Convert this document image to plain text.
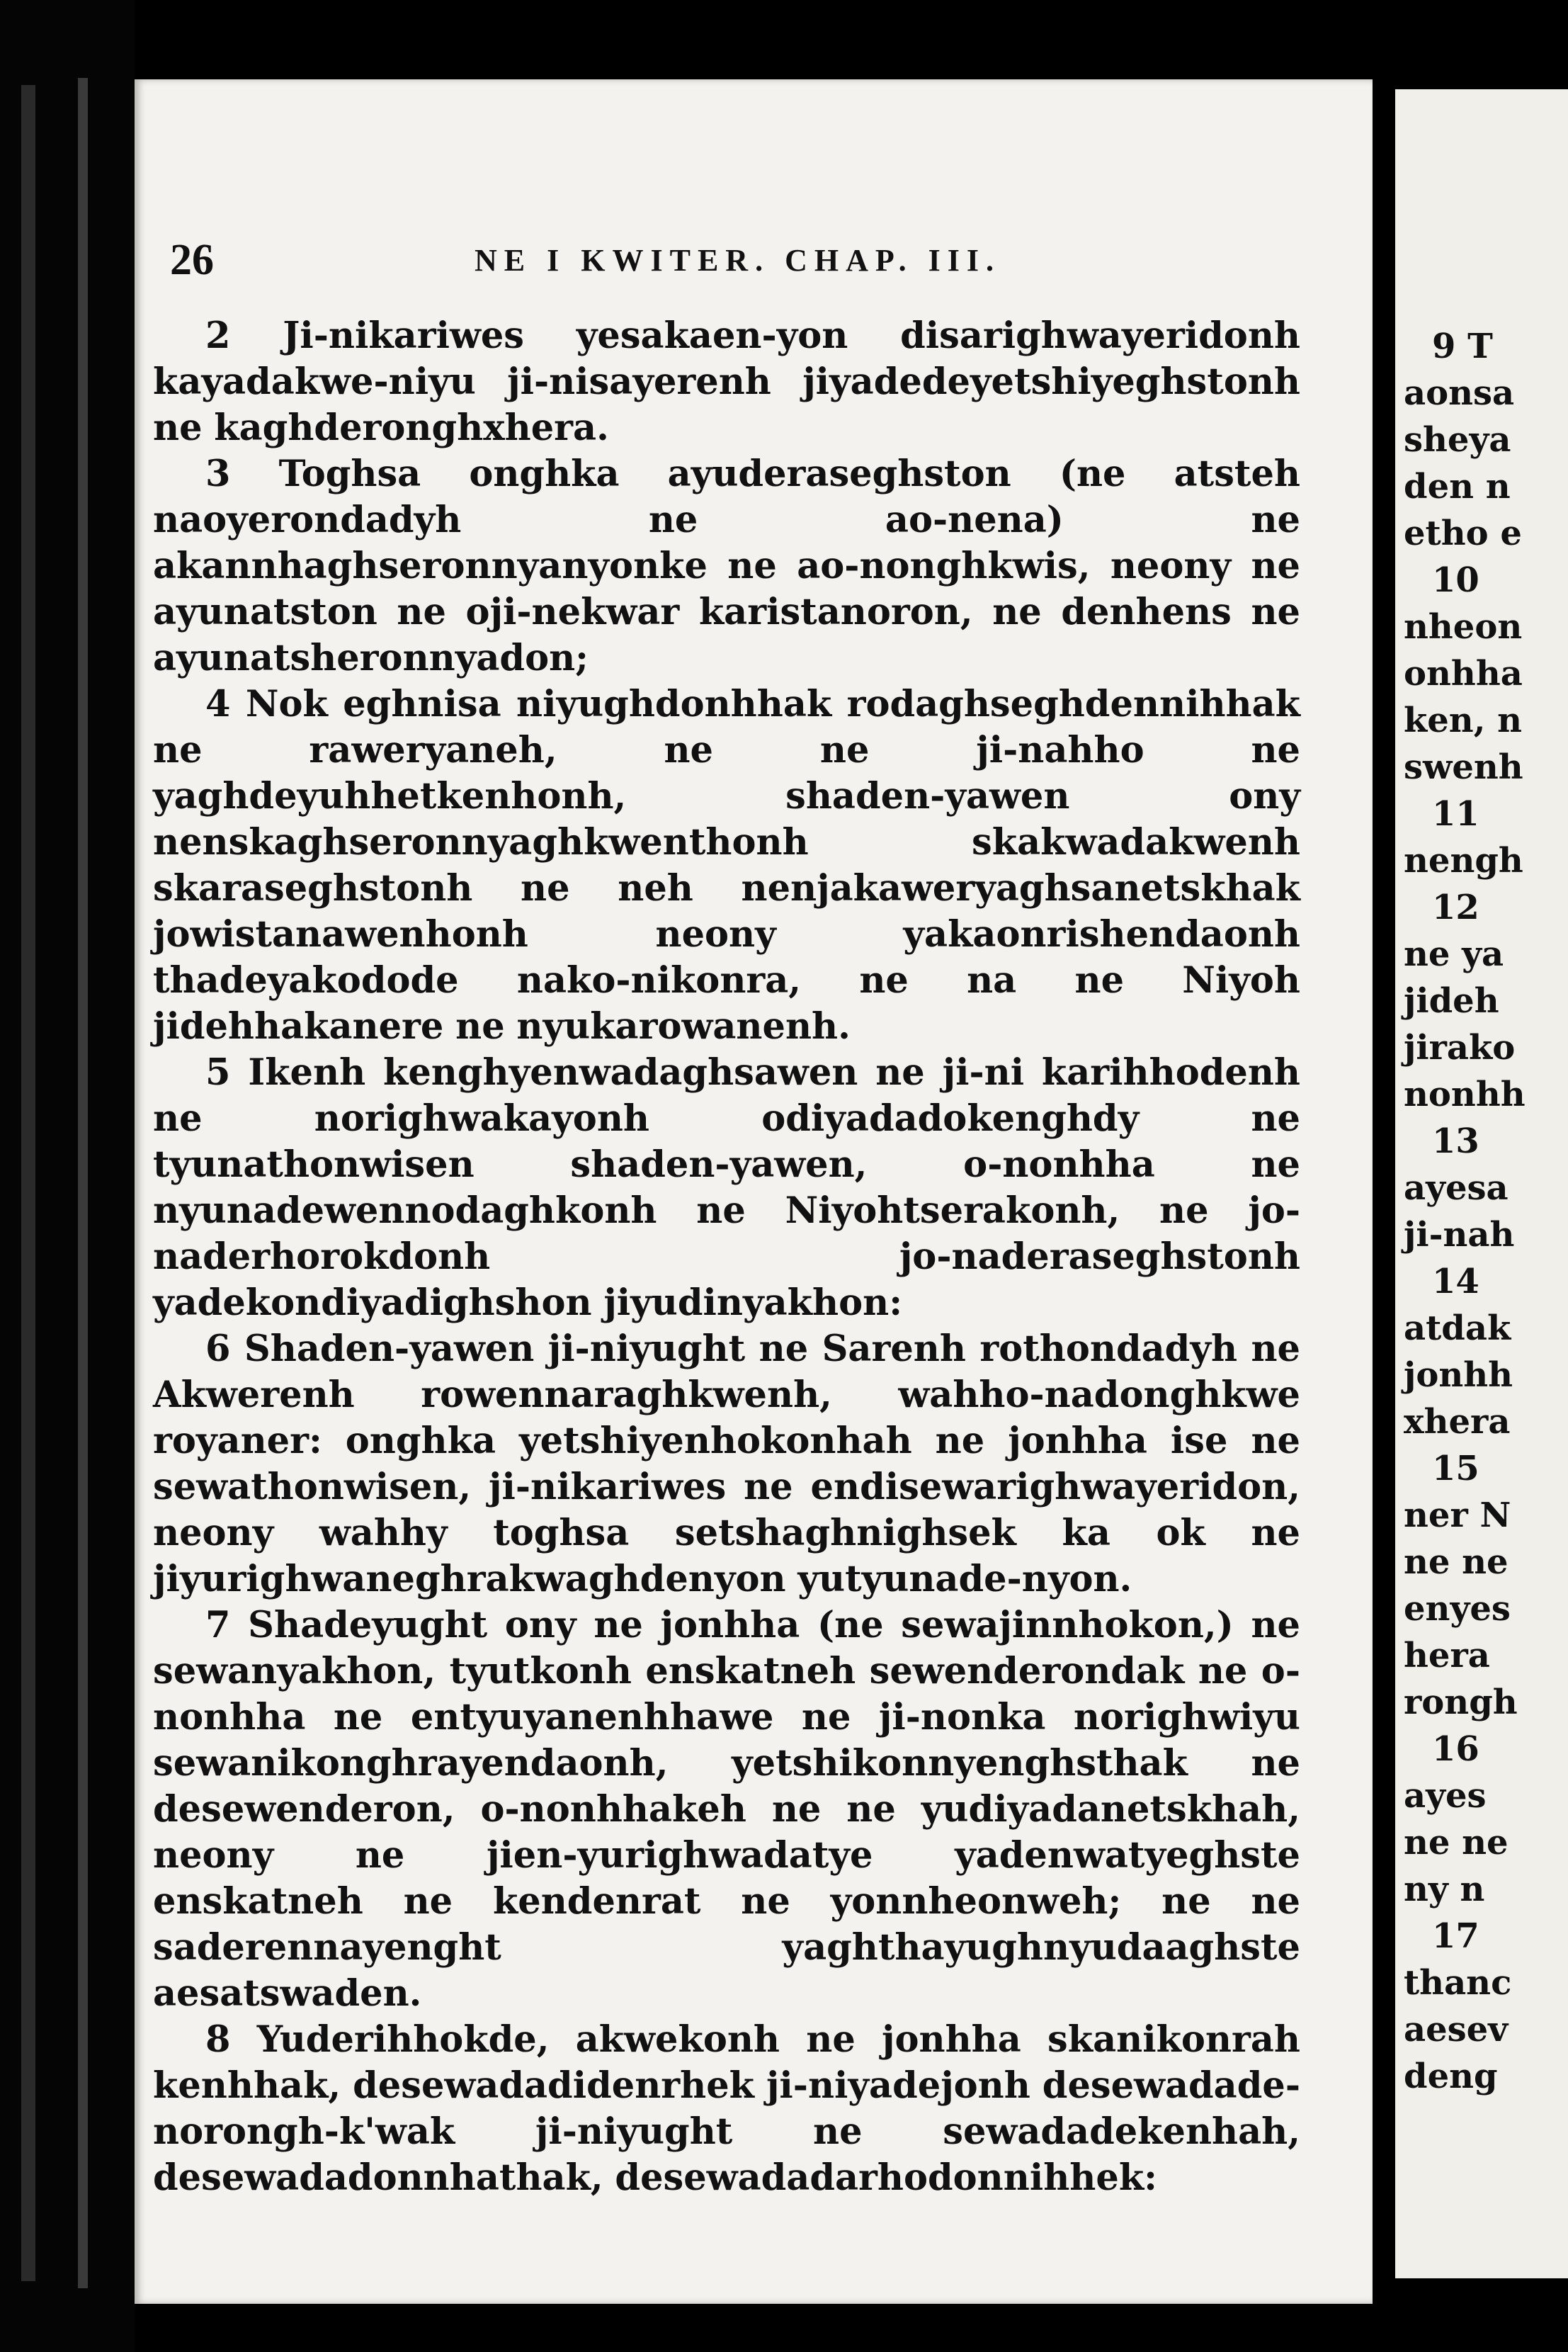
26	NE I KWITER. CHAP. III.

2 Ji-nikariwes yesakaen-yon disarighwayeridonh kayadakwe-niyu ji-nisayerenh jiyadedeyetshiyeghstonh ne kaghderonghxhera.

3 Toghsa onghka ayuderaseghston (ne atsteh naoyerondadyh ne ao-nena) ne akannhaghseronnyanyonke ne ao-nonghkwis, neony ne ayunatston ne oji-nekwar karistanoron, ne denhens ne ayunatsheronnyadon;

4 Nok eghnisa niyughdonhhak rodaghseghdennihhak ne raweryaneh, ne ne ji-nahho ne yaghdeyuhhetkenhonh, shaden-yawen ony nenskaghseronnyaghkwenthonh skakwadakwenh skaraseghstonh ne neh nenjakaweryaghsanetskhak jowistanawenhonh neony yakaonrishendaonh thadeyakodode nako-nikonra, ne na ne Niyoh jidehhakanere ne nyukarowanenh.

5 Ikenh kenghyenwadaghsawen ne ji-ni karihhodenh ne norighwakayonh odiyadadokenghdy ne tyunathonwisen shaden-yawen, o-nonhha ne nyunadewennodaghkonh ne Niyohtserakonh, ne jo-naderhorokdonh jo-naderaseghstonh yadekondiyadighshon jiyudinyakhon:

6 Shaden-yawen ji-niyught ne Sarenh rothondadyh ne Akwerenh rowennaraghkwenh, wahho-nadonghkwe royaner: onghka yetshiyenhokonhah ne jonhha ise ne sewathonwisen, ji-nikariwes ne endisewarighwayeridon, neony wahhy toghsa setshaghnighsek ka ok ne jiyurighwaneghrakwaghdenyon yutyunade-nyon.

7 Shadeyught ony ne jonhha (ne sewajinnhokon,) ne sewanyakhon, tyutkonh enskatneh sewenderondak ne o-nonhha ne entyuyanenhhawe ne ji-nonka norighwiyu sewanikonghrayendaonh, yetshikonnyenghsthak ne desewenderon, o-nonhhakeh ne ne yudiyadanetskhah, neony ne jien-yurighwadatye yadenwatyeghste enskatneh ne kendenrat ne yonnheonweh; ne ne saderennayenght yaghthayughnyudaaghste aesatswaden.

8 Yuderihhokde, akwekonh ne jonhha skanikonrah kenhhak, desewadadidenrhek ji-niyadejonh desewadade-norongh-k'wak ji-niyught ne sewadadekenhah, desewadadonnhathak, desewadadarhodonnihhek:

9 T
aonsa
sheya
den n
etho e
10
nheon
onhha
ken, n
swenh
11
nengh
12
ne ya
jideh
jirako
nonhh
13
ayesa
ji-nah
14
atdak
jonhh
xhera
15
ner N
ne ne
enyes
hera
rongh
16
ayes
ne ne
ny n
17
thanc
aesev
deng
